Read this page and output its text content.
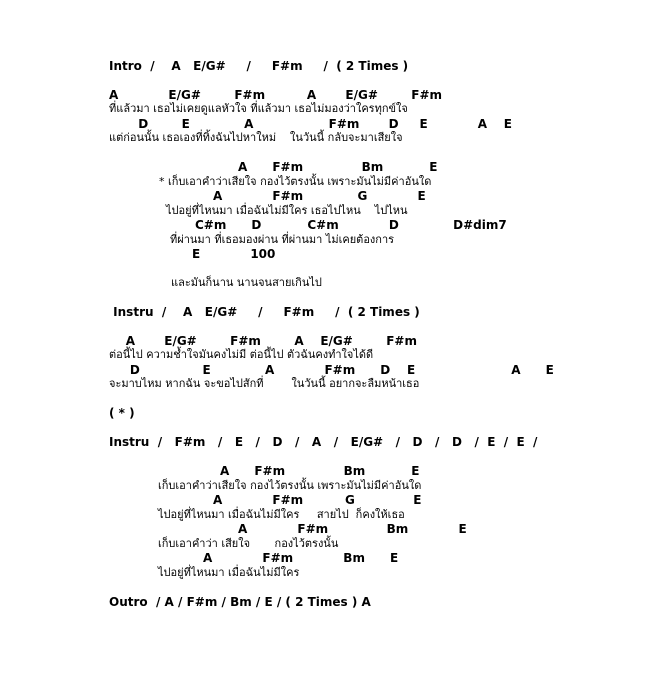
Intro  /    A   E/G#     /     F#m     /  ( 2 Times )
A            E/G#        F#m          A       E/G#        F#m
ที่แล้วมา เธอไม่เคยดูแลหัวใจ ที่แล้วมา เธอไม่มองว่าใครทุกข์ใจ
D        E             A                  F#m       D     E            A    E
แต่ก่อนนั้น เธอเองที่ทิ้งฉันไปหาใหม่    ในวันนี้ กลับจะมาเสียใจ
A      F#m              Bm           E
* เก็บเอาคำว่าเสียใจ กองไว้ตรงนั้น เพราะมันไม่มีค่าอันใด
A            F#m             G            E
ไปอยู่ที่ไหนมา เมื่อฉันไม่มีใคร เธอไปไหน    ไปไหน
C#m      D           C#m            D             D#dim7
ที่ผ่านมา ที่เธอมองผ่าน ที่ผ่านมา ไม่เคยต้องการ
E            100
และมันก็นาน นานจนสายเกินไป
Instru  /    A   E/G#     /     F#m     /  ( 2 Times )
A       E/G#        F#m        A    E/G#        F#m
ต่อนี้ไป ความช้ำใจมันคงไม่มี ต่อนี้ไป ตัวฉันคงทำใจได้ดี
D               E             A            F#m      D    E                       A      E
จะมาบไหม หากฉัน จะขอไปสักที่        ในวันนี้ อยากจะลืมหน้าเธอ
( * )
Instru  /   F#m   /   E   /   D   /   A   /   E/G#   /   D   /   D   /  E  /  E  /
A      F#m              Bm           E
เก็บเอาคำว่าเสียใจ กองไว้ตรงนั้น เพราะมันไม่มีค่าอันใด
A            F#m          G              E
ไปอยู่ที่ไหนมา เมื่อฉันไม่มีใคร     สายไป  ก็คงให้เธอ
A            F#m              Bm            E
เก็บเอาคำว่า เสียใจ       กองไว้ตรงนั้น
A            F#m            Bm      E
ไปอยู่ที่ไหนมา เมื่อฉันไม่มีใคร
Outro  / A / F#m / Bm / E / ( 2 Times ) A
